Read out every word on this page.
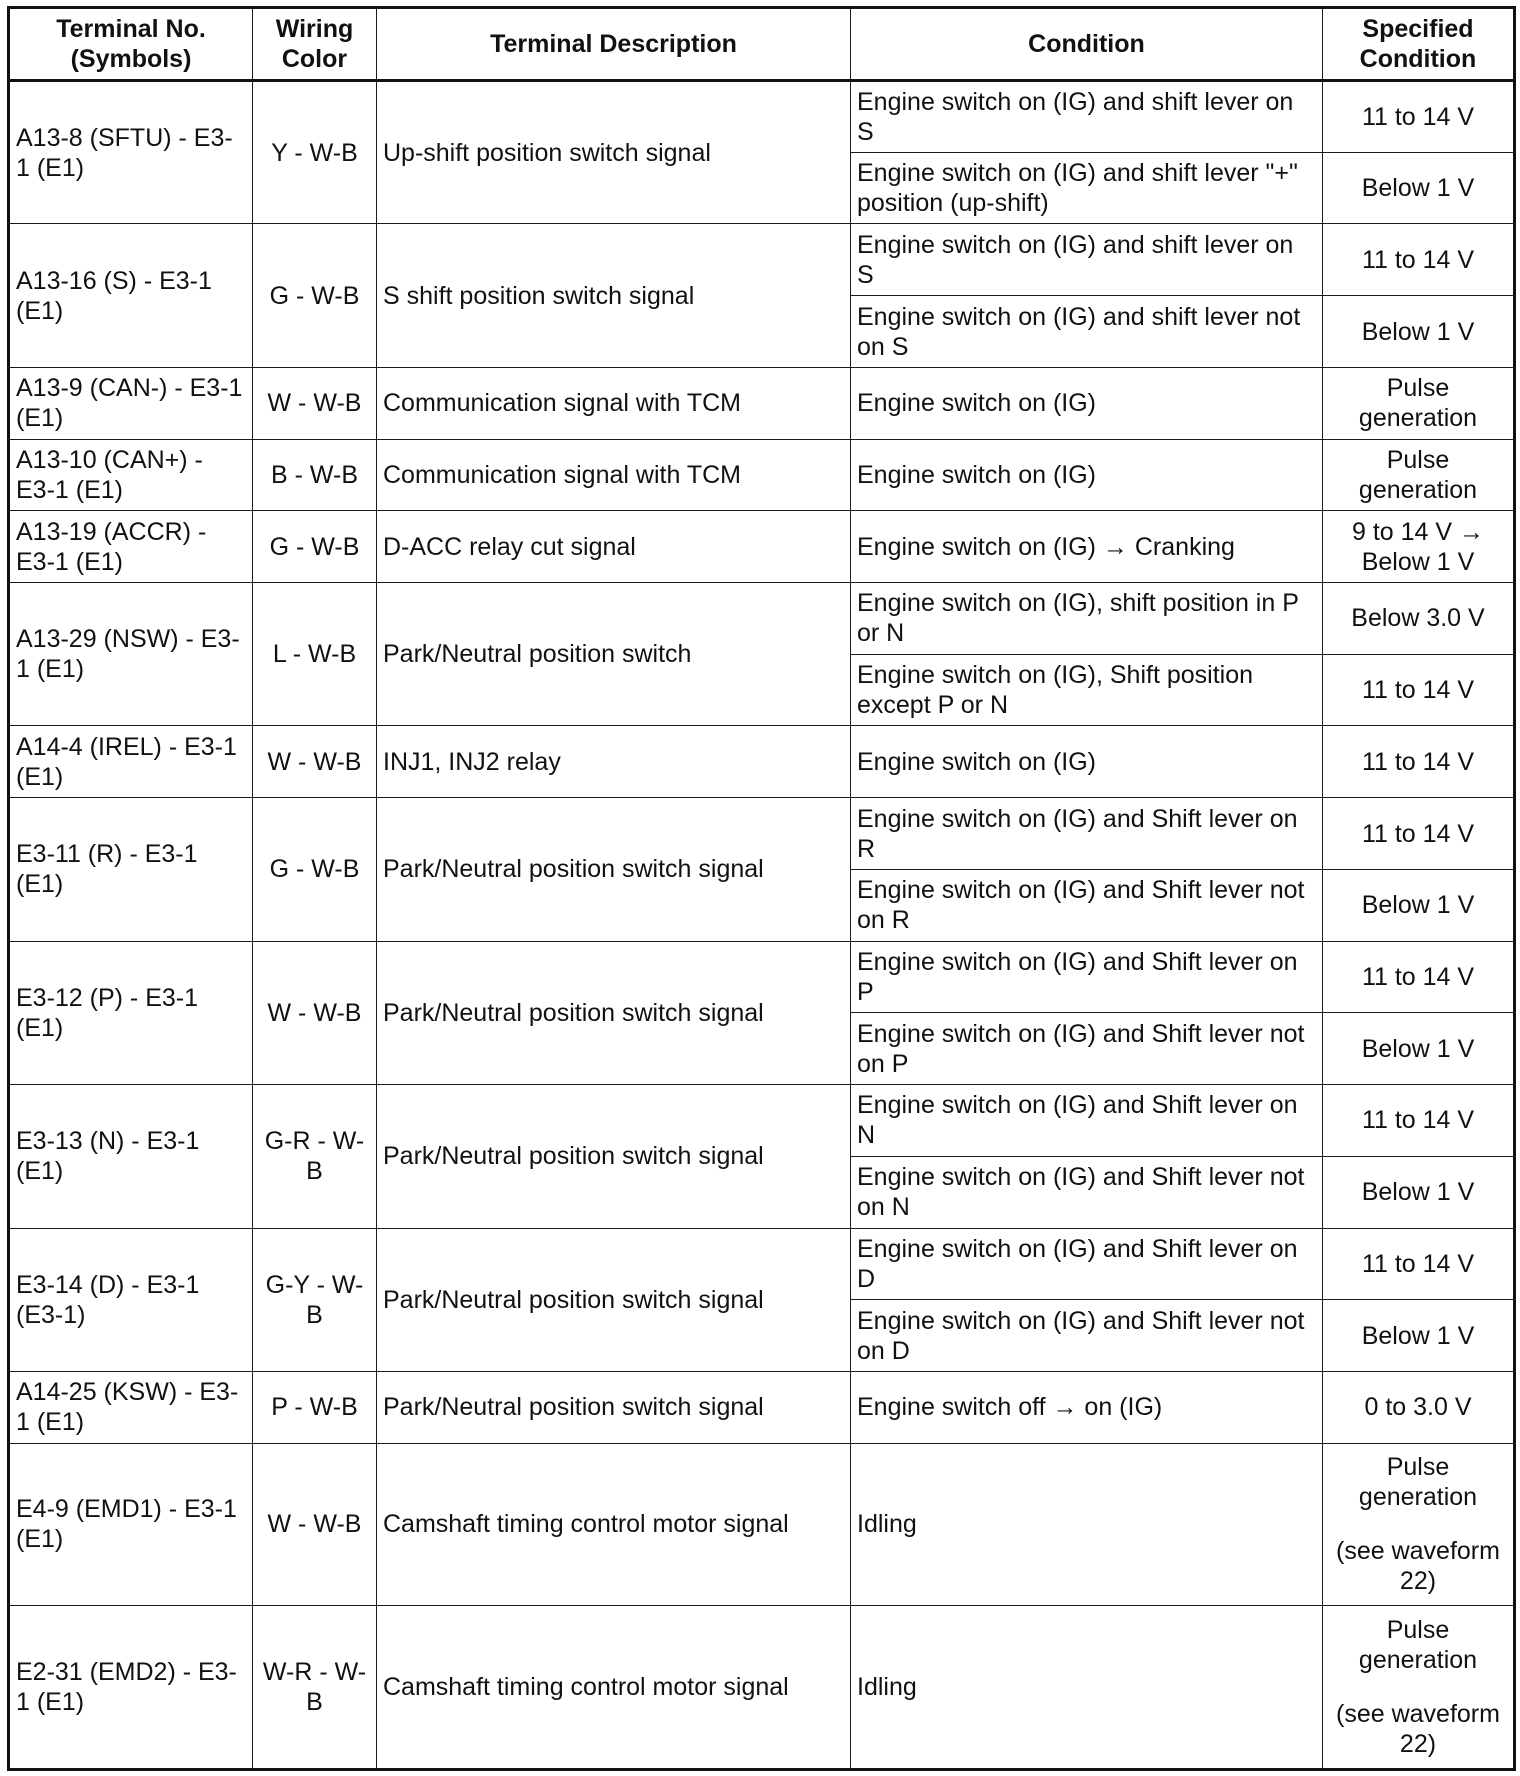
Terminal No. (Symbols)	Wiring Color	Terminal Description	Condition	Specified Condition
A13-8 (SFTU) - E3-1 (E1)	Y - W-B	Up-shift position switch signal	Engine switch on (IG) and shift lever on S	11 to 14 V
			Engine switch on (IG) and shift lever "+" position (up-shift)	Below 1 V
A13-16 (S) - E3-1 (E1)	G - W-B	S shift position switch signal	Engine switch on (IG) and shift lever on S	11 to 14 V
			Engine switch on (IG) and shift lever not on S	Below 1 V
A13-9 (CAN-) - E3-1 (E1)	W - W-B	Communication signal with TCM	Engine switch on (IG)	Pulse generation
A13-10 (CAN+) - E3-1 (E1)	B - W-B	Communication signal with TCM	Engine switch on (IG)	Pulse generation
A13-19 (ACCR) - E3-1 (E1)	G - W-B	D-ACC relay cut signal	Engine switch on (IG) → Cranking	9 to 14 V → Below 1 V
A13-29 (NSW) - E3-1 (E1)	L - W-B	Park/Neutral position switch	Engine switch on (IG), shift position in P or N	Below 3.0 V
			Engine switch on (IG), Shift position except P or N	11 to 14 V
A14-4 (IREL) - E3-1 (E1)	W - W-B	INJ1, INJ2 relay	Engine switch on (IG)	11 to 14 V
E3-11 (R) - E3-1 (E1)	G - W-B	Park/Neutral position switch signal	Engine switch on (IG) and Shift lever on R	11 to 14 V
			Engine switch on (IG) and Shift lever not on R	Below 1 V
E3-12 (P) - E3-1 (E1)	W - W-B	Park/Neutral position switch signal	Engine switch on (IG) and Shift lever on P	11 to 14 V
			Engine switch on (IG) and Shift lever not on P	Below 1 V
E3-13 (N) - E3-1 (E1)	G-R - W-B	Park/Neutral position switch signal	Engine switch on (IG) and Shift lever on N	11 to 14 V
			Engine switch on (IG) and Shift lever not on N	Below 1 V
E3-14 (D) - E3-1 (E3-1)	G-Y - W-B	Park/Neutral position switch signal	Engine switch on (IG) and Shift lever on D	11 to 14 V
			Engine switch on (IG) and Shift lever not on D	Below 1 V
A14-25 (KSW) - E3-1 (E1)	P - W-B	Park/Neutral position switch signal	Engine switch off → on (IG)	0 to 3.0 V
E4-9 (EMD1) - E3-1 (E1)	W - W-B	Camshaft timing control motor signal	Idling	Pulse generation
(see waveform 22)
E2-31 (EMD2) - E3-1 (E1)	W-R - W-B	Camshaft timing control motor signal	Idling	Pulse generation
(see waveform 22)
